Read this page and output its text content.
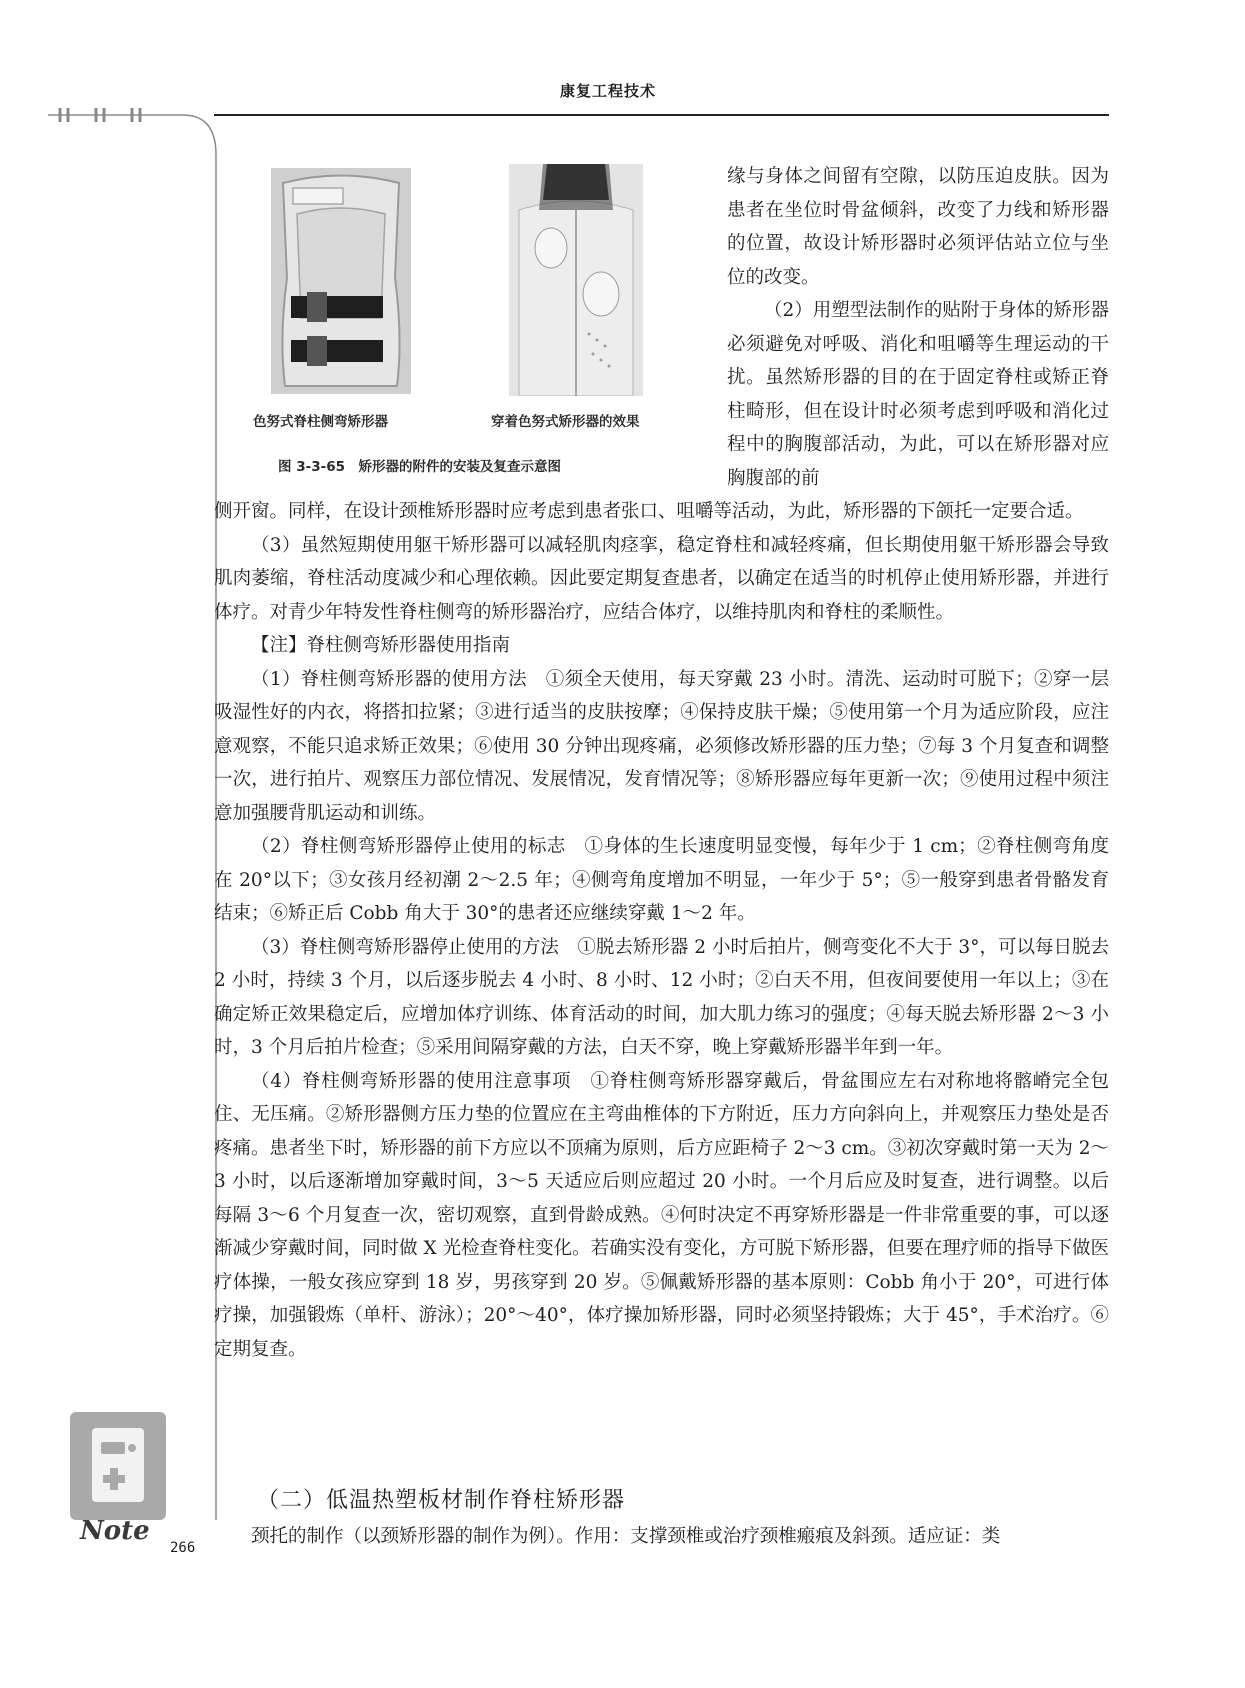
康复工程技术
色努式脊柱侧弯矫形器	穿着色努式矫形器的效果
图 3-3-65　矫形器的附件的安装及复查示意图

缘与身体之间留有空隙，以防压迫皮肤。因为患者在坐位时骨盆倾斜，改变了力线和矫形器的位置，故设计矫形器时必须评估站立位与坐位的改变。

（2）用塑型法制作的贴附于身体的矫形器必须避免对呼吸、消化和咀嚼等生理运动的干扰。虽然矫形器的目的在于固定脊柱或矫正脊柱畸形，但在设计时必须考虑到呼吸和消化过程中的胸腹部活动，为此，可以在矫形器对应胸腹部的前

侧开窗。同样，在设计颈椎矫形器时应考虑到患者张口、咀嚼等活动，为此，矫形器的下颌托一定要合适。

（3）虽然短期使用躯干矫形器可以减轻肌肉痉挛，稳定脊柱和减轻疼痛，但长期使用躯干矫形器会导致肌肉萎缩，脊柱活动度减少和心理依赖。因此要定期复查患者，以确定在适当的时机停止使用矫形器，并进行体疗。对青少年特发性脊柱侧弯的矫形器治疗，应结合体疗，以维持肌肉和脊柱的柔顺性。

【注】脊柱侧弯矫形器使用指南

（1）脊柱侧弯矫形器的使用方法　①须全天使用，每天穿戴 23 小时。清洗、运动时可脱下；②穿一层吸湿性好的内衣，将搭扣拉紧；③进行适当的皮肤按摩；④保持皮肤干燥；⑤使用第一个月为适应阶段，应注意观察，不能只追求矫正效果；⑥使用 30 分钟出现疼痛，必须修改矫形器的压力垫；⑦每 3 个月复查和调整一次，进行拍片、观察压力部位情况、发展情况，发育情况等；⑧矫形器应每年更新一次；⑨使用过程中须注意加强腰背肌运动和训练。

（2）脊柱侧弯矫形器停止使用的标志　①身体的生长速度明显变慢，每年少于 1 cm；②脊柱侧弯角度在 20°以下；③女孩月经初潮 2～2.5 年；④侧弯角度增加不明显，一年少于 5°；⑤一般穿到患者骨骼发育结束；⑥矫正后 Cobb 角大于 30°的患者还应继续穿戴 1～2 年。

（3）脊柱侧弯矫形器停止使用的方法　①脱去矫形器 2 小时后拍片，侧弯变化不大于 3°，可以每日脱去 2 小时，持续 3 个月，以后逐步脱去 4 小时、8 小时、12 小时；②白天不用，但夜间要使用一年以上；③在确定矫正效果稳定后，应增加体疗训练、体育活动的时间，加大肌力练习的强度；④每天脱去矫形器 2～3 小时，3 个月后拍片检查；⑤采用间隔穿戴的方法，白天不穿，晚上穿戴矫形器半年到一年。

（4）脊柱侧弯矫形器的使用注意事项　①脊柱侧弯矫形器穿戴后，骨盆围应左右对称地将髂嵴完全包住、无压痛。②矫形器侧方压力垫的位置应在主弯曲椎体的下方附近，压力方向斜向上，并观察压力垫处是否疼痛。患者坐下时，矫形器的前下方应以不顶痛为原则，后方应距椅子 2～3 cm。③初次穿戴时第一天为 2～3 小时，以后逐渐增加穿戴时间，3～5 天适应后则应超过 20 小时。一个月后应及时复查，进行调整。以后每隔 3～6 个月复查一次，密切观察，直到骨龄成熟。④何时决定不再穿矫形器是一件非常重要的事，可以逐渐减少穿戴时间，同时做 X 光检查脊柱变化。若确实没有变化，方可脱下矫形器，但要在理疗师的指导下做医疗体操，一般女孩应穿到 18 岁，男孩穿到 20 岁。⑤佩戴矫形器的基本原则：Cobb 角小于 20°，可进行体疗操，加强锻炼（单杆、游泳）；20°～40°，体疗操加矫形器，同时必须坚持锻炼；大于 45°，手术治疗。⑥定期复查。

（二）低温热塑板材制作脊柱矫形器

颈托的制作（以颈矫形器的制作为例）。作用：支撑颈椎或治疗颈椎瘢痕及斜颈。适应证：类

Note
266
